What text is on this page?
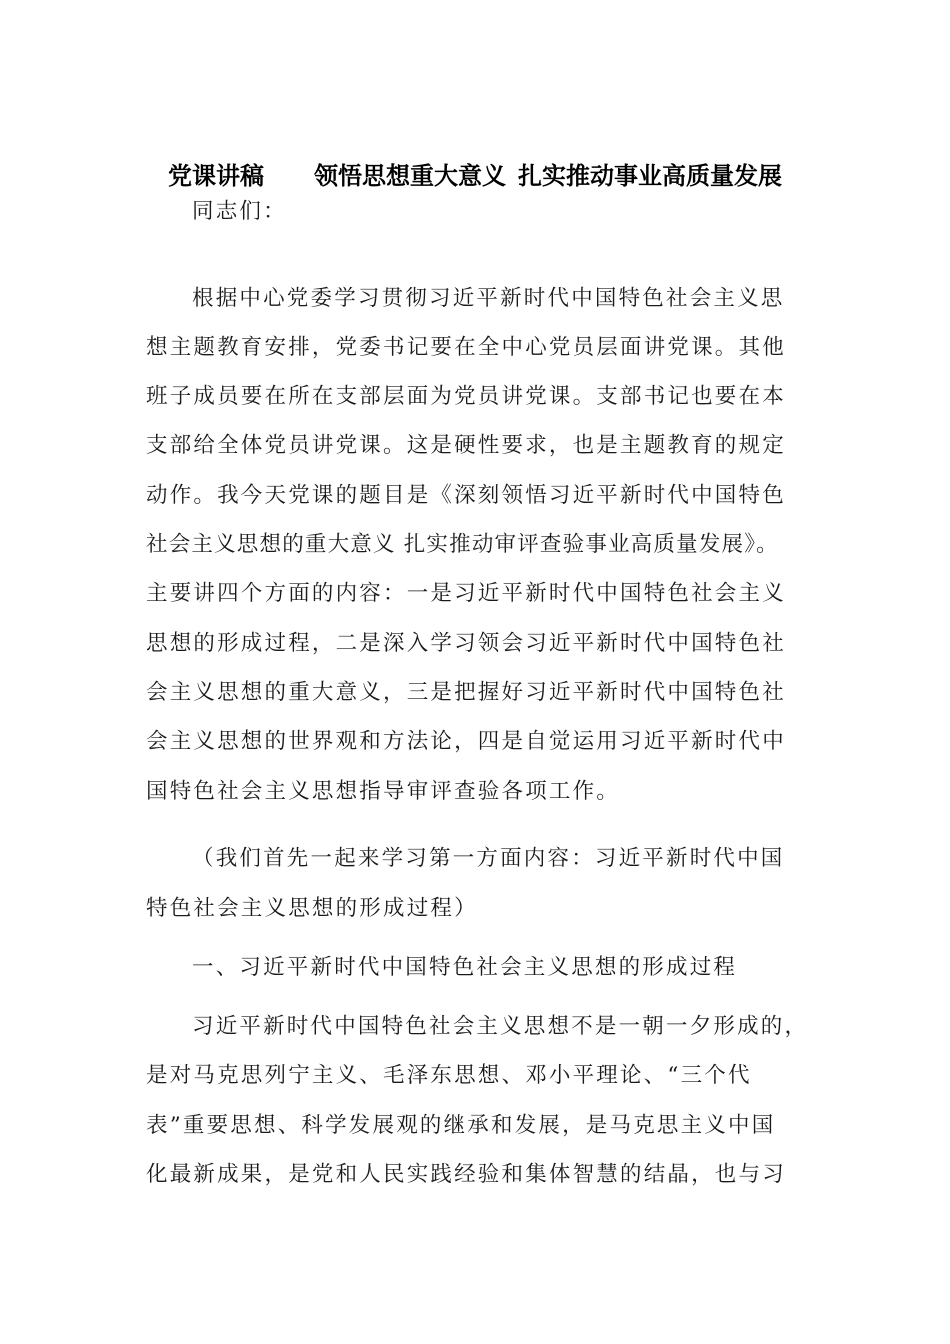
党课讲稿 领悟思想重大意义 扎实推动事业高质量发展
同志们：
根据中心党委学习贯彻习近平新时代中国特色社会主义思
想主题教育安排，党委书记要在全中心党员层面讲党课。其他
班子成员要在所在支部层面为党员讲党课。支部书记也要在本
支部给全体党员讲党课。这是硬性要求，也是主题教育的规定
动作。我今天党课的题目是《深刻领悟习近平新时代中国特色
社会主义思想的重大意义 扎实推动审评查验事业高质量发展》。
主要讲四个方面的内容：一是习近平新时代中国特色社会主义
思想的形成过程，二是深入学习领会习近平新时代中国特色社
会主义思想的重大意义，三是把握好习近平新时代中国特色社
会主义思想的世界观和方法论，四是自觉运用习近平新时代中
国特色社会主义思想指导审评查验各项工作。
（我们首先一起来学习第一方面内容：习近平新时代中国
特色社会主义思想的形成过程）
一、习近平新时代中国特色社会主义思想的形成过程
习近平新时代中国特色社会主义思想不是一朝一夕形成的，
是对马克思列宁主义、毛泽东思想、邓小平理论、“三个代
表”重要思想、科学发展观的继承和发展，是马克思主义中国
化最新成果，是党和人民实践经验和集体智慧的结晶，也与习
